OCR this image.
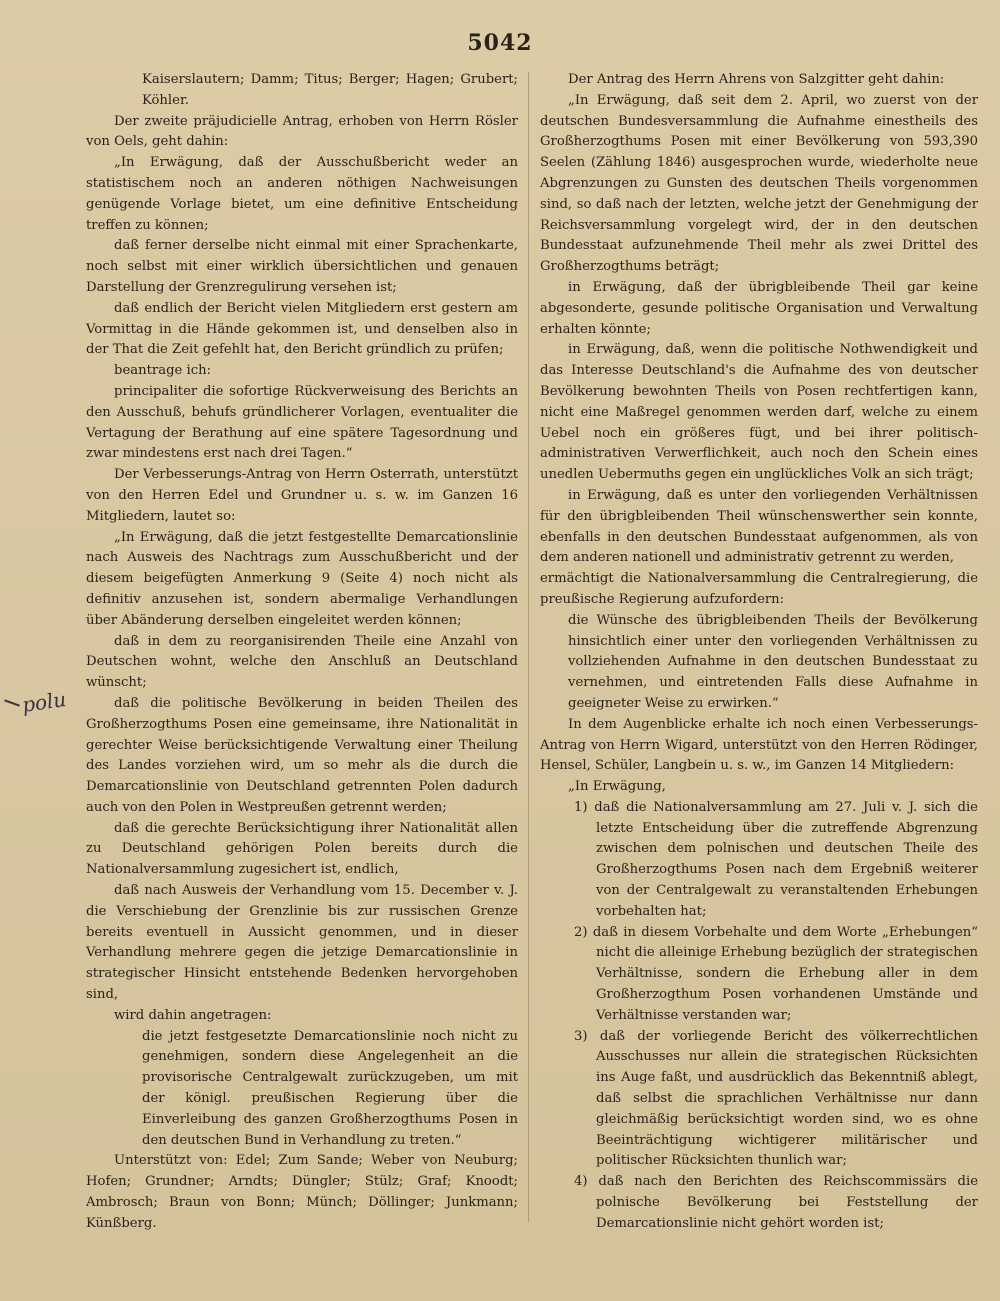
5042

Kaiserslautern; Damm; Titus; Berger; Hagen; Grubert; Köhler.

Der zweite präjudicielle Antrag, erhoben von Herrn Rösler von Oels, geht dahin:

„In Erwägung, daß der Ausschußbericht weder an statistischem noch an anderen nöthigen Nachweisungen genügende Vorlage bietet, um eine definitive Entscheidung treffen zu können;

daß ferner derselbe nicht einmal mit einer Sprachenkarte, noch selbst mit einer wirklich übersichtlichen und genauen Darstellung der Grenzregulirung versehen ist;

daß endlich der Bericht vielen Mitgliedern erst gestern am Vormittag in die Hände gekommen ist, und denselben also in der That die Zeit gefehlt hat, den Bericht gründlich zu prüfen;

beantrage ich:

principaliter die sofortige Rückverweisung des Berichts an den Ausschuß, behufs gründlicherer Vorlagen, eventualiter die Vertagung der Berathung auf eine spätere Tagesordnung und zwar mindestens erst nach drei Tagen.“

Der Verbesserungs-Antrag von Herrn Osterrath, unterstützt von den Herren Edel und Grundner u. s. w. im Ganzen 16 Mitgliedern, lautet so:

„In Erwägung, daß die jetzt festgestellte Demarcationslinie nach Ausweis des Nachtrags zum Ausschußbericht und der diesem beigefügten Anmerkung 9 (Seite 4) noch nicht als definitiv anzusehen ist, sondern abermalige Verhandlungen über Abänderung derselben eingeleitet werden können;

daß in dem zu reorganisirenden Theile eine Anzahl von Deutschen wohnt, welche den Anschluß an Deutschland wünscht;

daß die politische Bevölkerung in beiden Theilen des Großherzogthums Posen eine gemeinsame, ihre Nationalität in gerechter Weise berücksichtigende Verwaltung einer Theilung des Landes vorziehen wird, um so mehr als die durch die Demarcationslinie von Deutschland getrennten Polen dadurch auch von den Polen in Westpreußen getrennt werden;

daß die gerechte Berücksichtigung ihrer Nationalität allen zu Deutschland gehörigen Polen bereits durch die Nationalversammlung zugesichert ist, endlich,

daß nach Ausweis der Verhandlung vom 15. December v. J. die Verschiebung der Grenzlinie bis zur russischen Grenze bereits eventuell in Aussicht genommen, und in dieser Verhandlung mehrere gegen die jetzige Demarcationslinie in strategischer Hinsicht entstehende Bedenken hervorgehoben sind,

wird dahin angetragen:

die jetzt festgesetzte Demarcationslinie noch nicht zu genehmigen, sondern diese Angelegenheit an die provisorische Centralgewalt zurückzugeben, um mit der königl. preußischen Regierung über die Einverleibung des ganzen Großherzogthums Posen in den deutschen Bund in Verhandlung zu treten.“

Unterstützt von: Edel; Zum Sande; Weber von Neuburg; Hofen; Grundner; Arndts; Düngler; Stülz; Graf; Knoodt; Ambrosch; Braun von Bonn; Münch; Döllinger; Junkmann; Künßberg.

Der Antrag des Herrn Ahrens von Salzgitter geht dahin:

„In Erwägung, daß seit dem 2. April, wo zuerst von der deutschen Bundesversammlung die Aufnahme einestheils des Großherzogthums Posen mit einer Bevölkerung von 593,390 Seelen (Zählung 1846) ausgesprochen wurde, wiederholte neue Abgrenzungen zu Gunsten des deutschen Theils vorgenommen sind, so daß nach der letzten, welche jetzt der Genehmigung der Reichsversammlung vorgelegt wird, der in den deutschen Bundesstaat aufzunehmende Theil mehr als zwei Drittel des Großherzogthums beträgt;

in Erwägung, daß der übrigbleibende Theil gar keine abgesonderte, gesunde politische Organisation und Verwaltung erhalten könnte;

in Erwägung, daß, wenn die politische Nothwendigkeit und das Interesse Deutschland's die Aufnahme des von deutscher Bevölkerung bewohnten Theils von Posen rechtfertigen kann, nicht eine Maßregel genommen werden darf, welche zu einem Uebel noch ein größeres fügt, und bei ihrer politisch-administrativen Verwerflichkeit, auch noch den Schein eines unedlen Uebermuths gegen ein unglückliches Volk an sich trägt;

in Erwägung, daß es unter den vorliegenden Verhältnissen für den übrigbleibenden Theil wünschenswerther sein konnte, ebenfalls in den deutschen Bundesstaat aufgenommen, als von dem anderen nationell und administrativ getrennt zu werden,

ermächtigt die Nationalversammlung die Centralregierung, die preußische Regierung aufzufordern:

die Wünsche des übrigbleibenden Theils der Bevölkerung hinsichtlich einer unter den vorliegenden Verhältnissen zu vollziehenden Aufnahme in den deutschen Bundesstaat zu vernehmen, und eintretenden Falls diese Aufnahme in geeigneter Weise zu erwirken.“

In dem Augenblicke erhalte ich noch einen Verbesserungs-Antrag von Herrn Wigard, unterstützt von den Herren Rödinger, Hensel, Schüler, Langbein u. s. w., im Ganzen 14 Mitgliedern:

„In Erwägung,

1) daß die Nationalversammlung am 27. Juli v. J. sich die letzte Entscheidung über die zutreffende Abgrenzung zwischen dem polnischen und deutschen Theile des Großherzogthums Posen nach dem Ergebniß weiterer von der Centralgewalt zu veranstaltenden Erhebungen vorbehalten hat;

2) daß in diesem Vorbehalte und dem Worte „Erhebungen“ nicht die alleinige Erhebung bezüglich der strategischen Verhältnisse, sondern die Erhebung aller in dem Großherzogthum Posen vorhandenen Umstände und Verhältnisse verstanden war;

3) daß der vorliegende Bericht des völkerrechtlichen Ausschusses nur allein die strategischen Rücksichten ins Auge faßt, und ausdrücklich das Bekenntniß ablegt, daß selbst die sprachlichen Verhältnisse nur dann gleichmäßig berücksichtigt worden sind, wo es ohne Beeinträchtigung wichtigerer militärischer und politischer Rücksichten thunlich war;

4) daß nach den Berichten des Reichscommissärs die polnische Bevölkerung bei Feststellung der Demarcationslinie nicht gehört worden ist;

polu
